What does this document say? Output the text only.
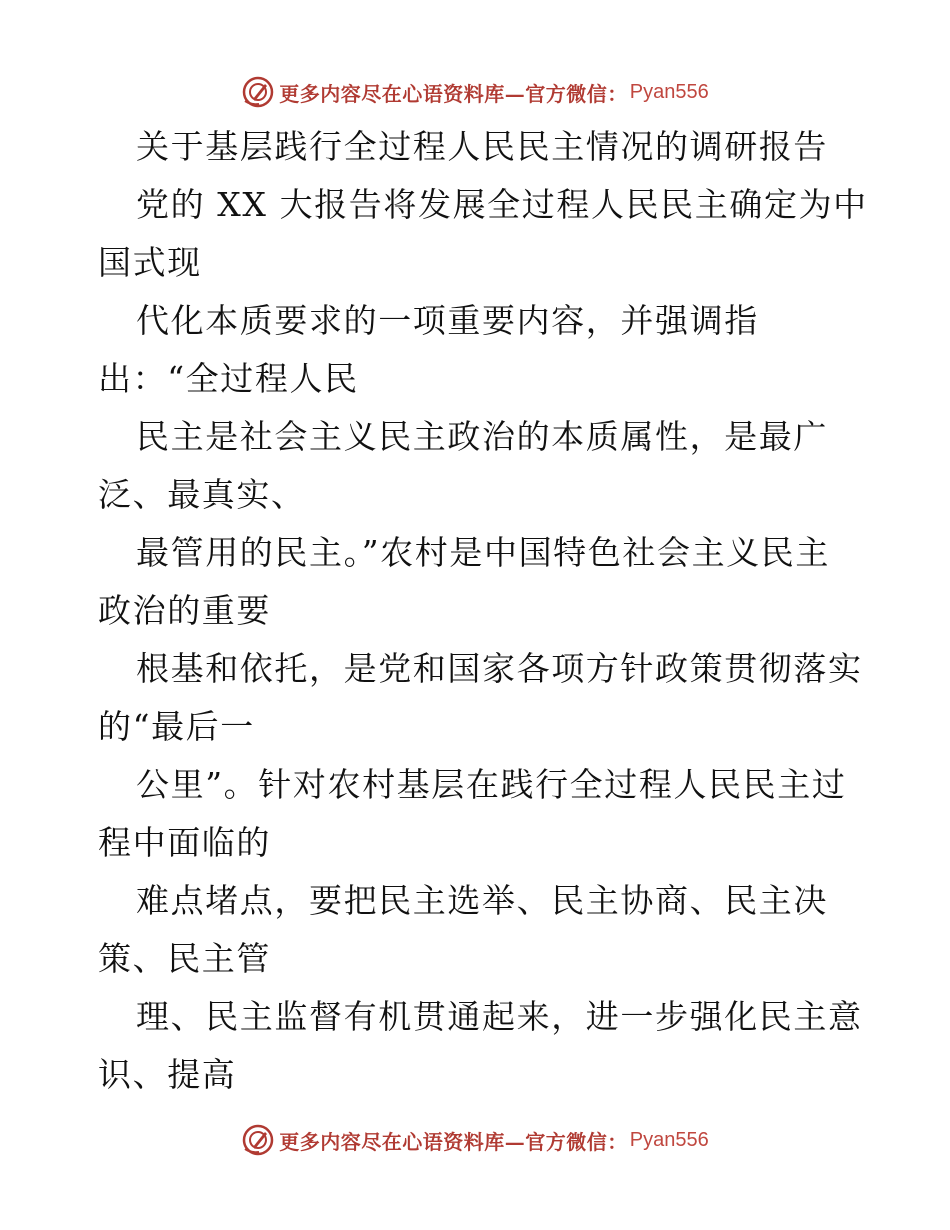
更多内容尽在心语资料库—官方微信： Pyan556

关于基层践行全过程人民民主情况的调研报告

党的 XX 大报告将发展全过程人民民主确定为中

国式现

代化本质要求的一项重要内容，并强调指

出：“全过程人民

民主是社会主义民主政治的本质属性，是最广

泛、最真实、

最管用的民主。”农村是中国特色社会主义民主

政治的重要

根基和依托，是党和国家各项方针政策贯彻落实

的“最后一

公里”。针对农村基层在践行全过程人民民主过

程中面临的

难点堵点，要把民主选举、民主协商、民主决

策、民主管

理、民主监督有机贯通起来，进一步强化民主意

识、提高

更多内容尽在心语资料库—官方微信： Pyan556
